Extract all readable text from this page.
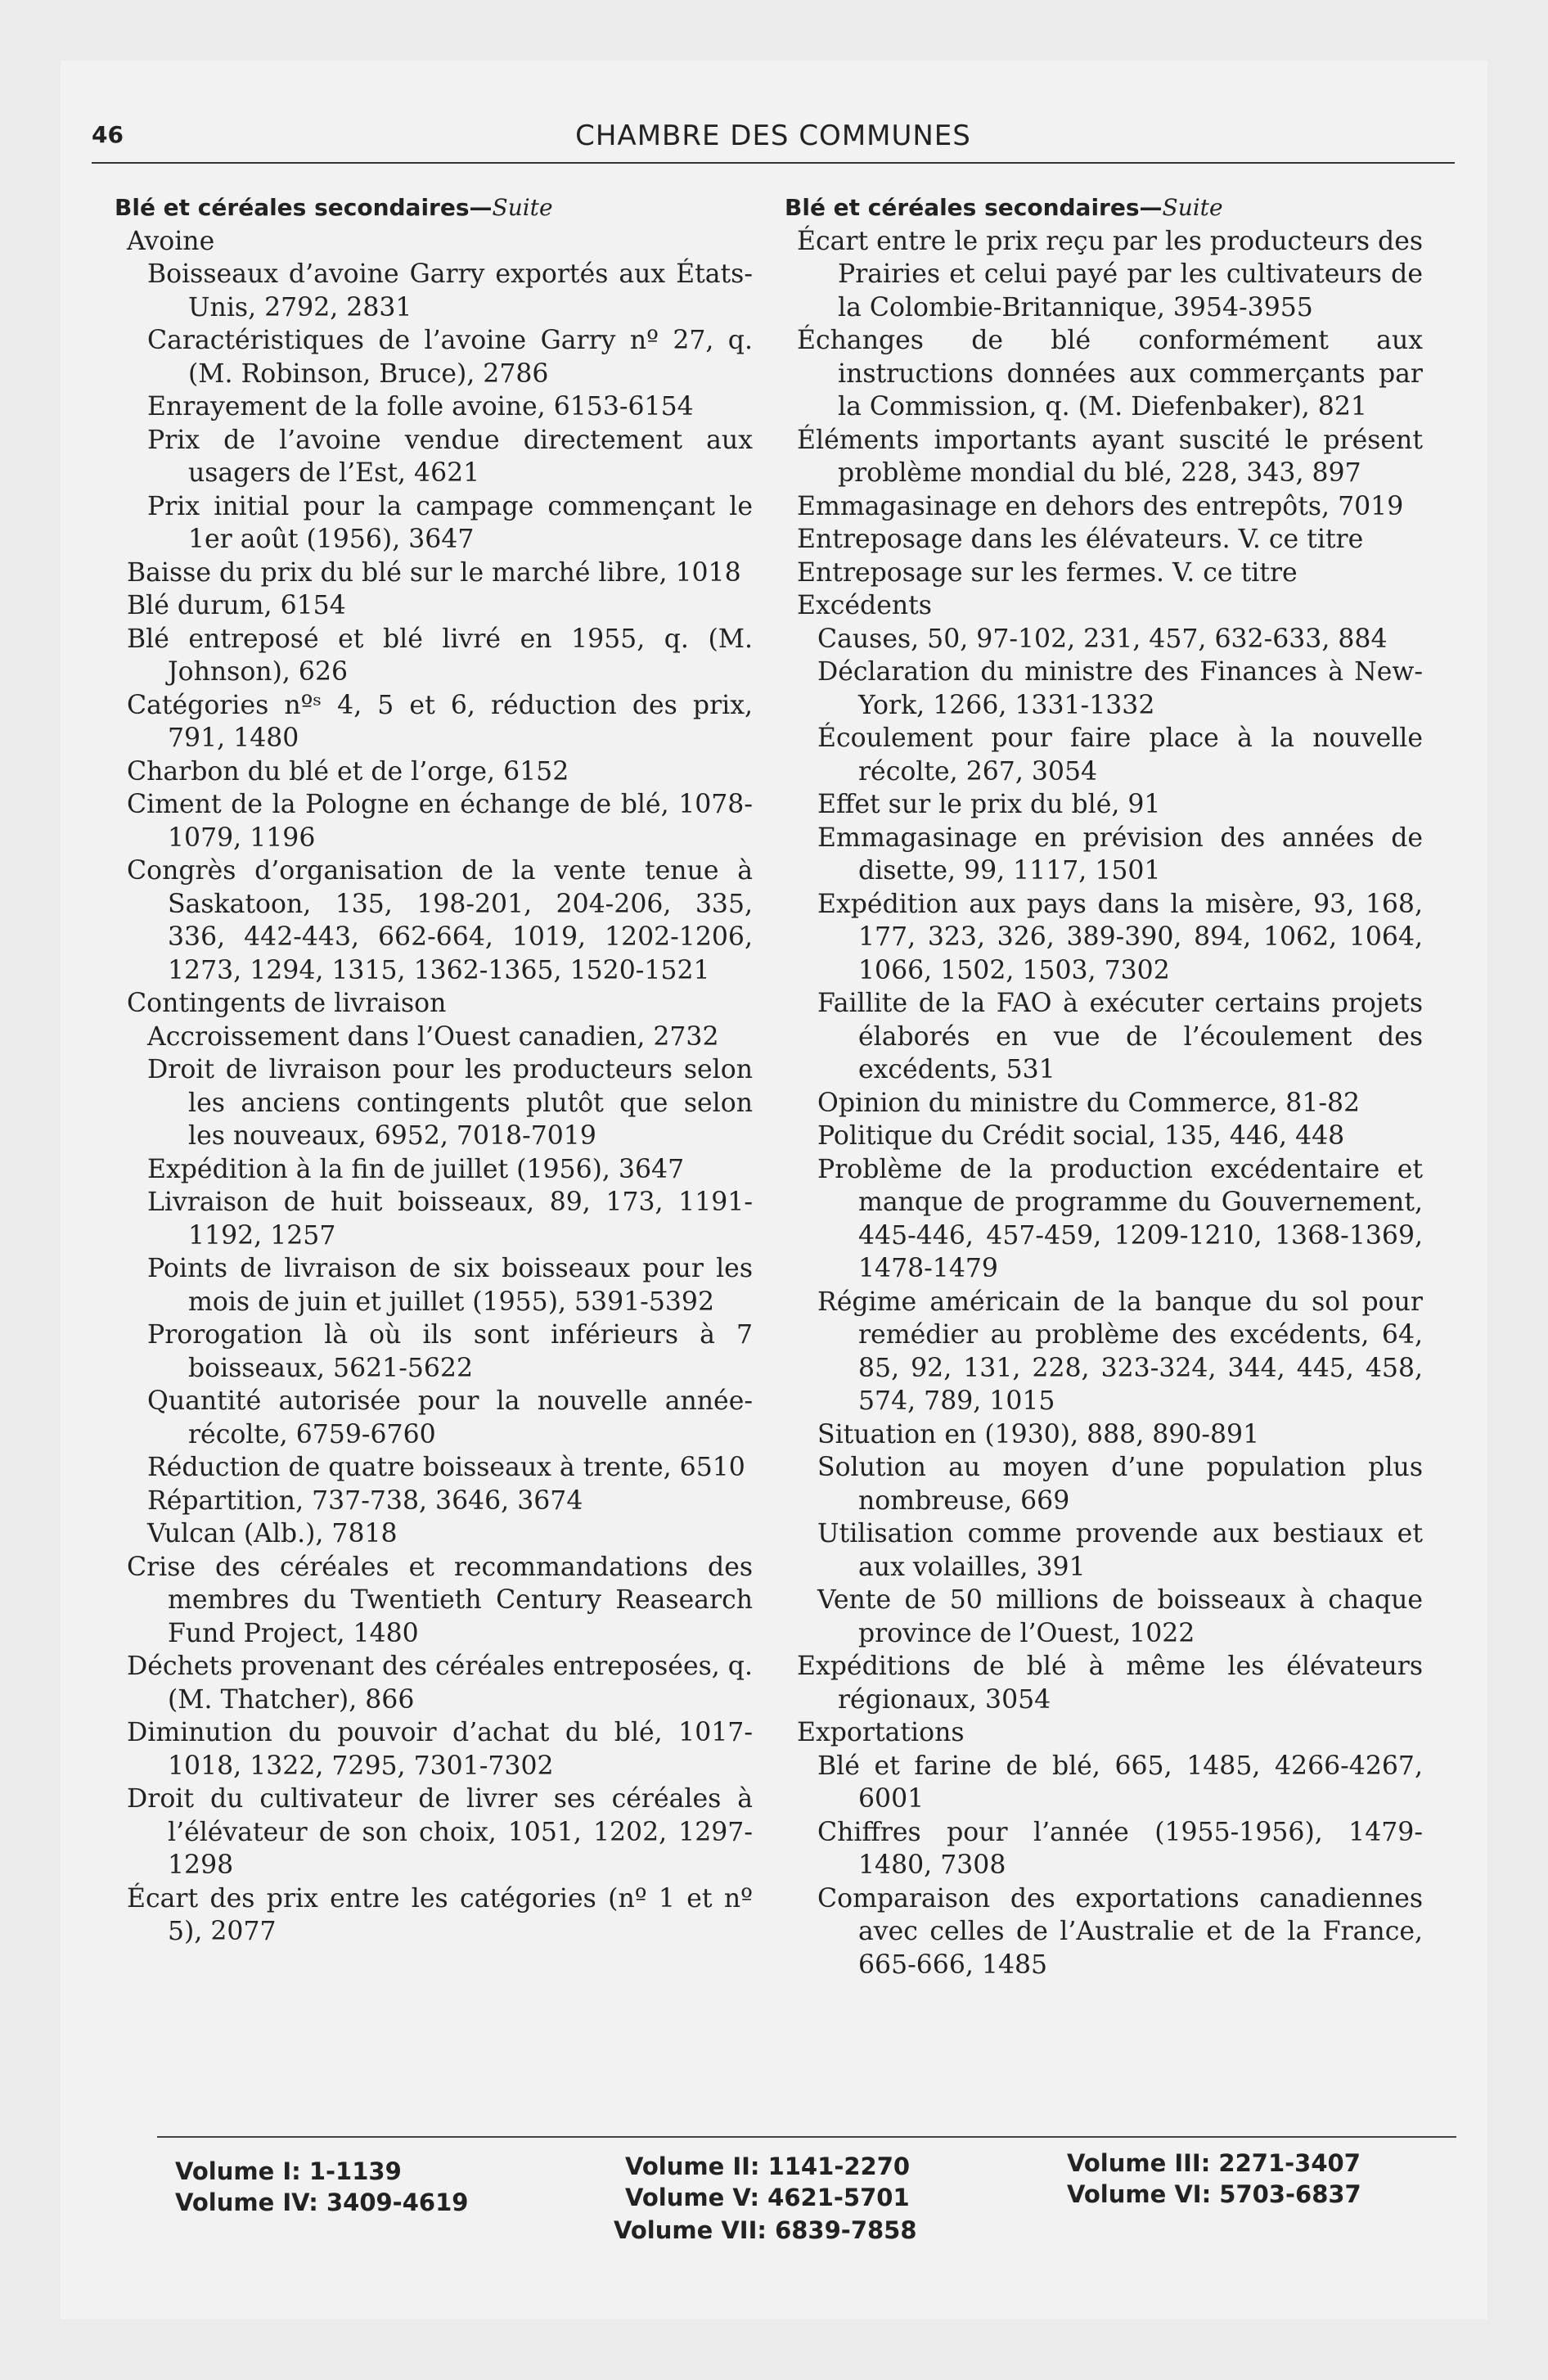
46	CHAMBRE DES COMMUNES
Blé et céréales secondaires—Suite
Avoine
Boisseaux d’avoine Garry exportés aux États-Unis, 2792, 2831
Caractéristiques de l’avoine Garry nº 27, q. (M. Robinson, Bruce), 2786
Enrayement de la folle avoine, 6153-6154
Prix de l’avoine vendue directement aux usagers de l’Est, 4621
Prix initial pour la campage commençant le 1er août (1956), 3647
Baisse du prix du blé sur le marché libre, 1018
Blé durum, 6154
Blé entreposé et blé livré en 1955, q. (M. Johnson), 626
Catégories nºˢ 4, 5 et 6, réduction des prix, 791, 1480
Charbon du blé et de l’orge, 6152
Ciment de la Pologne en échange de blé, 1078-1079, 1196
Congrès d’organisation de la vente tenue à Saskatoon, 135, 198-201, 204-206, 335, 336, 442-443, 662-664, 1019, 1202-1206, 1273, 1294, 1315, 1362-1365, 1520-1521
Contingents de livraison
Accroissement dans l’Ouest canadien, 2732
Droit de livraison pour les producteurs selon les anciens contingents plutôt que selon les nouveaux, 6952, 7018-7019
Expédition à la fin de juillet (1956), 3647
Livraison de huit boisseaux, 89, 173, 1191-1192, 1257
Points de livraison de six boisseaux pour les mois de juin et juillet (1955), 5391-5392
Prorogation là où ils sont inférieurs à 7 boisseaux, 5621-5622
Quantité autorisée pour la nouvelle année-récolte, 6759-6760
Réduction de quatre boisseaux à trente, 6510
Répartition, 737-738, 3646, 3674
Vulcan (Alb.), 7818
Crise des céréales et recommandations des membres du Twentieth Century Reasearch Fund Project, 1480
Déchets provenant des céréales entreposées, q. (M. Thatcher), 866
Diminution du pouvoir d’achat du blé, 1017-1018, 1322, 7295, 7301-7302
Droit du cultivateur de livrer ses céréales à l’élévateur de son choix, 1051, 1202, 1297-1298
Écart des prix entre les catégories (nº 1 et nº 5), 2077
Blé et céréales secondaires—Suite
Écart entre le prix reçu par les producteurs des Prairies et celui payé par les cultivateurs de la Colombie-Britannique, 3954-3955
Échanges de blé conformément aux instructions données aux commerçants par la Commission, q. (M. Diefenbaker), 821
Éléments importants ayant suscité le présent problème mondial du blé, 228, 343, 897
Emmagasinage en dehors des entrepôts, 7019
Entreposage dans les élévateurs. V. ce titre
Entreposage sur les fermes. V. ce titre
Excédents
Causes, 50, 97-102, 231, 457, 632-633, 884
Déclaration du ministre des Finances à New-York, 1266, 1331-1332
Écoulement pour faire place à la nouvelle récolte, 267, 3054
Effet sur le prix du blé, 91
Emmagasinage en prévision des années de disette, 99, 1117, 1501
Expédition aux pays dans la misère, 93, 168, 177, 323, 326, 389-390, 894, 1062, 1064, 1066, 1502, 1503, 7302
Faillite de la FAO à exécuter certains projets élaborés en vue de l’écoulement des excédents, 531
Opinion du ministre du Commerce, 81-82
Politique du Crédit social, 135, 446, 448
Problème de la production excédentaire et manque de programme du Gouvernement, 445-446, 457-459, 1209-1210, 1368-1369, 1478-1479
Régime américain de la banque du sol pour remédier au problème des excédents, 64, 85, 92, 131, 228, 323-324, 344, 445, 458, 574, 789, 1015
Situation en (1930), 888, 890-891
Solution au moyen d’une population plus nombreuse, 669
Utilisation comme provende aux bestiaux et aux volailles, 391
Vente de 50 millions de boisseaux à chaque province de l’Ouest, 1022
Expéditions de blé à même les élévateurs régionaux, 3054
Exportations
Blé et farine de blé, 665, 1485, 4266-4267, 6001
Chiffres pour l’année (1955-1956), 1479-1480, 7308
Comparaison des exportations canadiennes avec celles de l’Australie et de la France, 665-666, 1485
Volume I: 1-1139	Volume II: 1141-2270	Volume III: 2271-3407
Volume IV: 3409-4619	Volume V: 4621-5701	Volume VI: 5703-6837
Volume VII: 6839-7858
